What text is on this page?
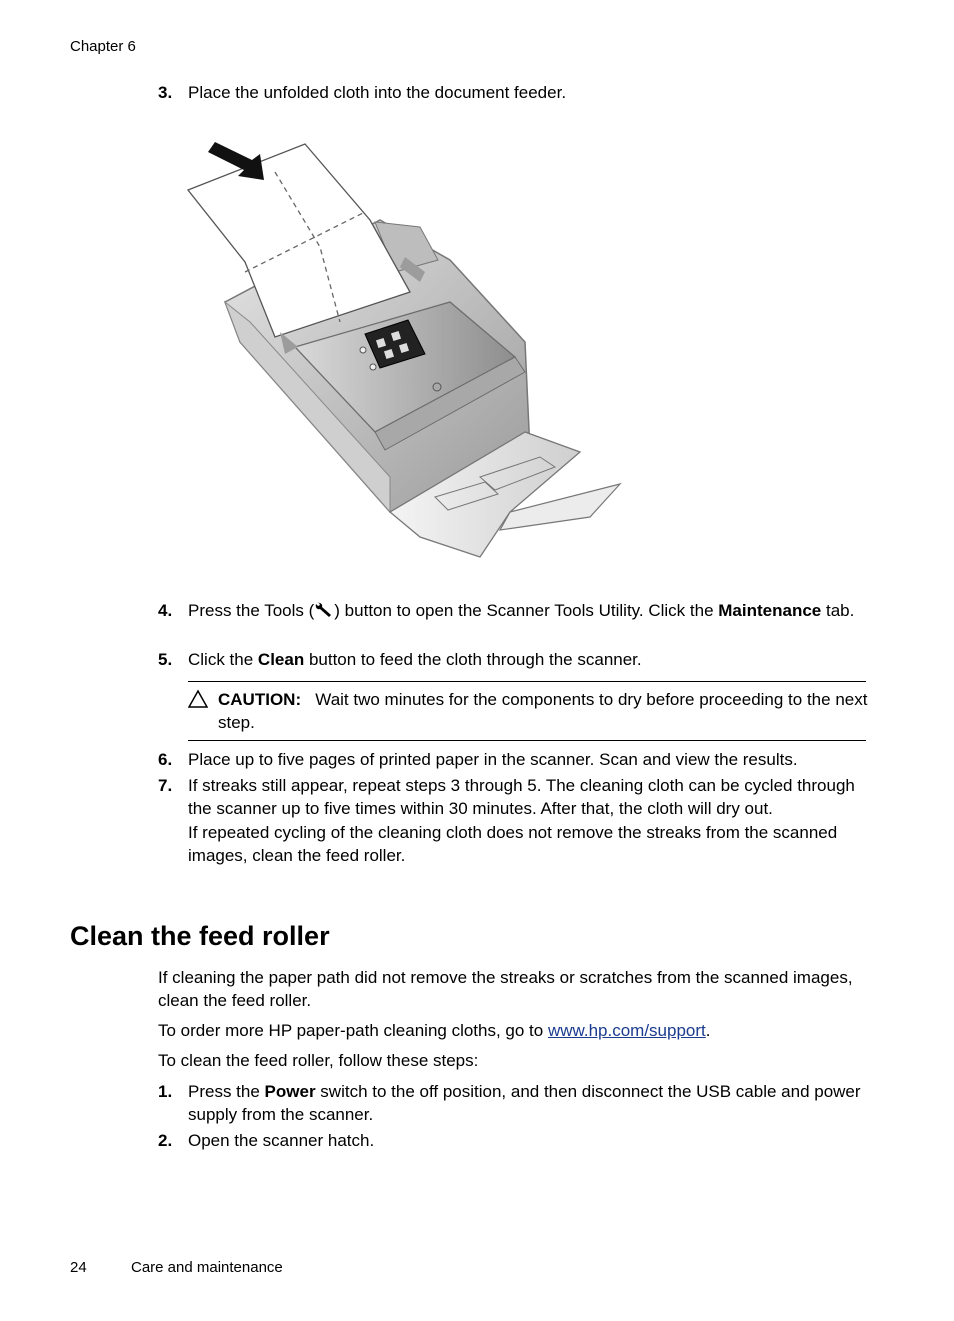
Chapter 6
3. Place the unfolded cloth into the document feeder.
4. Press the Tools ( ) button to open the Scanner Tools Utility. Click the Maintenance tab.
5. Click the Clean button to feed the cloth through the scanner.
CAUTION: Wait two minutes for the components to dry before proceeding to the next step.
6. Place up to five pages of printed paper in the scanner. Scan and view the results.
7. If streaks still appear, repeat steps 3 through 5. The cleaning cloth can be cycled through the scanner up to five times within 30 minutes. After that, the cloth will dry out.
If repeated cycling of the cleaning cloth does not remove the streaks from the scanned images, clean the feed roller.
Clean the feed roller
If cleaning the paper path did not remove the streaks or scratches from the scanned images, clean the feed roller.
To order more HP paper-path cleaning cloths, go to www.hp.com/support.
To clean the feed roller, follow these steps:
1. Press the Power switch to the off position, and then disconnect the USB cable and power supply from the scanner.
2. Open the scanner hatch.
24	Care and maintenance
